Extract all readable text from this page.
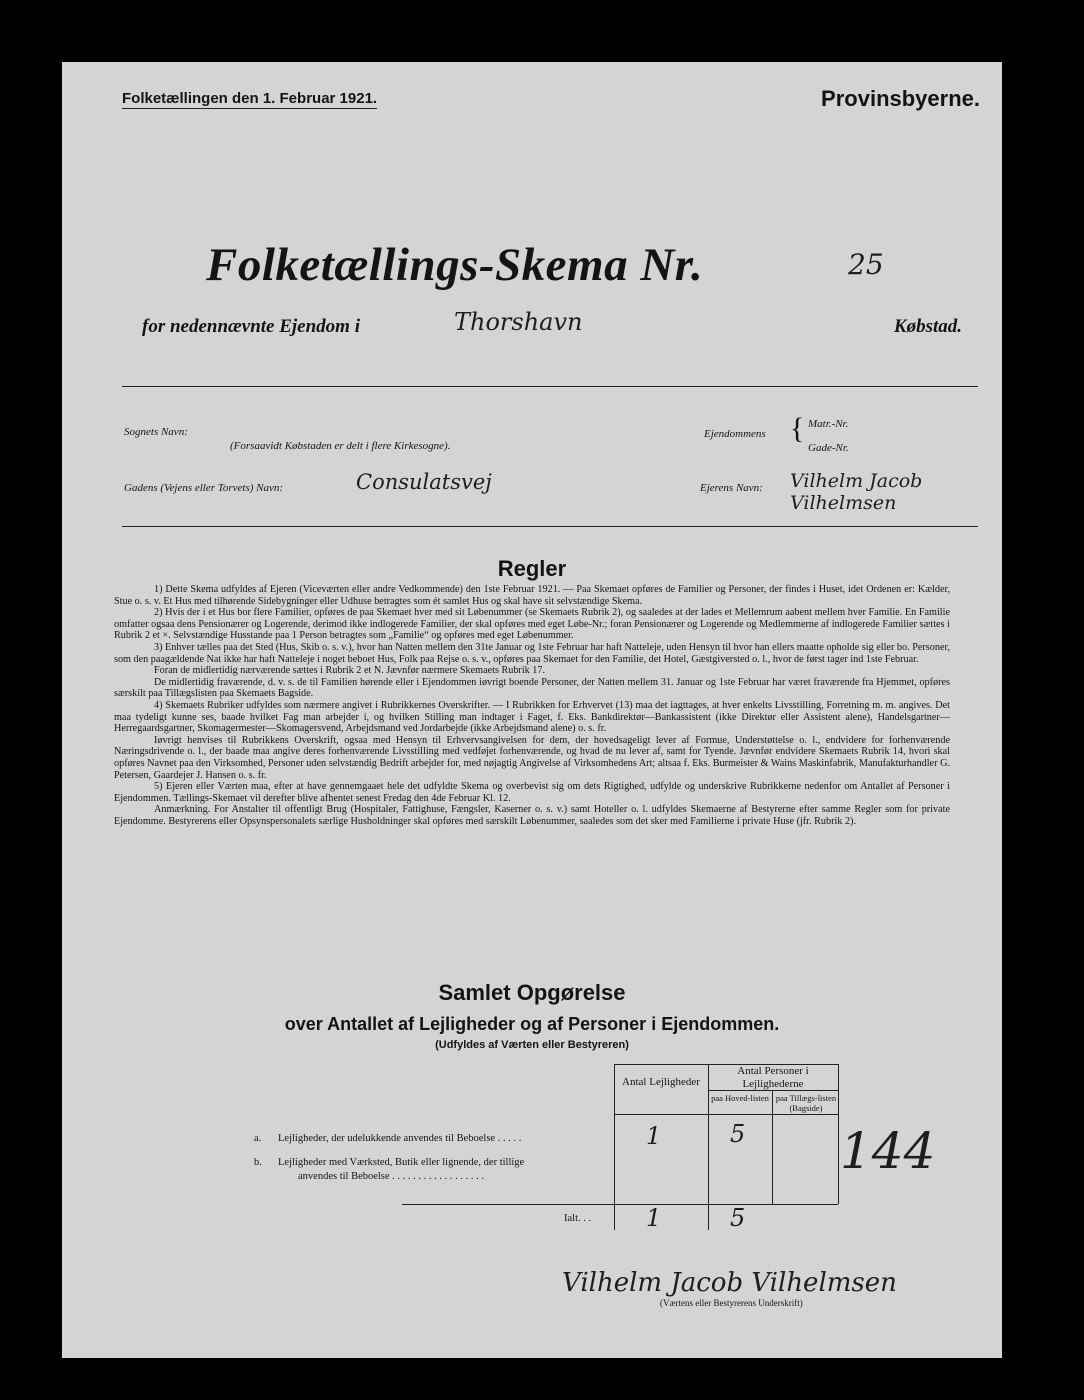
Folketællingen den 1. Februar 1921.	Provinsbyerne.
Folketællings-Skema Nr.	25
for nedennævnte Ejendom i	Thorshavn	Købstad.
Sognets Navn:
(Forsaavidt Købstaden er delt i flere Kirkesogne).
Ejendommens { Matr.-Nr.
Gade-Nr.
Gadens (Vejens eller Torvets) Navn:	Consulatsvej	Ejerens Navn: Vilhelm Jacob Vilhelmsen
Regler

1) Dette Skema udfyldes af Ejeren (Viceværten eller andre Vedkommende) den 1ste Februar 1921. — Paa Skemaet opføres de Familier og Personer, der findes i Huset, idet Ordenen er: Kælder, Stue o. s. v. Et Hus med tilhørende Sidebygninger eller Udhuse betragtes som ét samlet Hus og skal have sit selvstændige Skema.

2) Hvis der i et Hus bor flere Familier, opføres de paa Skemaet hver med sit Løbenummer (se Skemaets Rubrik 2), og saaledes at der lades et Mellemrum aabent mellem hver Familie. En Familie omfatter ogsaa dens Pensionærer og Logerende, derimod ikke indlogerede Familier, der skal opføres med eget Løbe-Nr.; foran Pensionærer og Logerende og Medlemmerne af indlogerede Familier sættes i Rubrik 2 et ×. Selvstændige Husstande paa 1 Person betragtes som „Familie“ og opføres med eget Løbenummer.

3) Enhver tælles paa det Sted (Hus, Skib o. s. v.), hvor han Natten mellem den 31te Januar og 1ste Februar har haft Natteleje, uden Hensyn til hvor han ellers maatte opholde sig eller bo. Personer, som den paagældende Nat ikke har haft Natteleje i noget beboet Hus, Folk paa Rejse o. s. v., opføres paa Skemaet for den Familie, det Hotel, Gæstgiversted o. l., hvor de først tager ind 1ste Februar.

Foran de midlertidig nærværende sættes i Rubrik 2 et N. Jævnfør nærmere Skemaets Rubrik 17.

De midlertidig fraværende, d. v. s. de til Familien hørende eller i Ejendommen iøvrigt boende Personer, der Natten mellem 31. Januar og 1ste Februar har været fraværende fra Hjemmet, opføres særskilt paa Tillægslisten paa Skemaets Bagside.

4) Skemaets Rubriker udfyldes som nærmere angivet i Rubrikkernes Overskrifter. — I Rubrikken for Erhvervet (13) maa det iagttages, at hver enkelts Livsstilling, Forretning m. m. angives. Det maa tydeligt kunne ses, baade hvilket Fag man arbejder i, og hvilken Stilling man indtager i Faget, f. Eks. Bankdirektør—Bankassistent (ikke Direktør eller Assistent alene), Handelsgartner—Herregaardsgartner, Skomagermester—Skomagersvend, Arbejdsmand ved Jordarbejde (ikke Arbejdsmand alene) o. s. fr.

Iøvrigt henvises til Rubrikkens Overskrift, ogsaa med Hensyn til Erhvervsangivelsen for dem, der hovedsageligt lever af Formue, Understøttelse o. l., endvidere for forhenværende Næringsdrivende o. l., der baade maa angive deres forhenværende Livsstilling med vedføjet forhenværende, og hvad de nu lever af, samt for Tyende. Jævnfør endvidere Skemaets Rubrik 14, hvori skal opføres Navnet paa den Virksomhed, Personer uden selvstændig Bedrift arbejder for, med nøjagtig Angivelse af Virksomhedens Art; altsaa f. Eks. Burmeister & Wains Maskinfabrik, Manufakturhandler G. Petersen, Gaardejer J. Hansen o. s. fr.

5) Ejeren eller Værten maa, efter at have gennemgaaet hele det udfyldte Skema og overbevist sig om dets Rigtighed, udfylde og underskrive Rubrikkerne nedenfor om Antallet af Personer i Ejendommen. Tællings-Skemaet vil derefter blive afhentet senest Fredag den 4de Februar Kl. 12.

Anmærkning. For Anstalter til offentligt Brug (Hospitaler, Fattighuse, Fængsler, Kaserner o. s. v.) samt Hoteller o. l. udfyldes Skemaerne af Bestyrerne efter samme Regler som for private Ejendomme. Bestyrerens eller Opsynspersonalets særlige Husholdninger skal opføres med særskilt Løbenummer, saaledes som det sker med Familierne i private Huse (jfr. Rubrik 2).

Samlet Opgørelse
over Antallet af Lejligheder og af Personer i Ejendommen.
(Udfyldes af Værten eller Bestyreren)
Antal Lejligheder
Antal Personer i Lejlighederne
paa Hoved-listen paa Tillægs-listen (Bagside)
a. Lejligheder, der udelukkende anvendes til Beboelse . . . . .	1	5
b. Lejligheder med Værksted, Butik eller lignende, der tillige
anvendes til Beboelse . . . . . . . . . . . . . . . . . .
Ialt. . . 1	5
144
Vilhelm Jacob Vilhelmsen
(Værtens eller Bestyrerens Underskrift)
